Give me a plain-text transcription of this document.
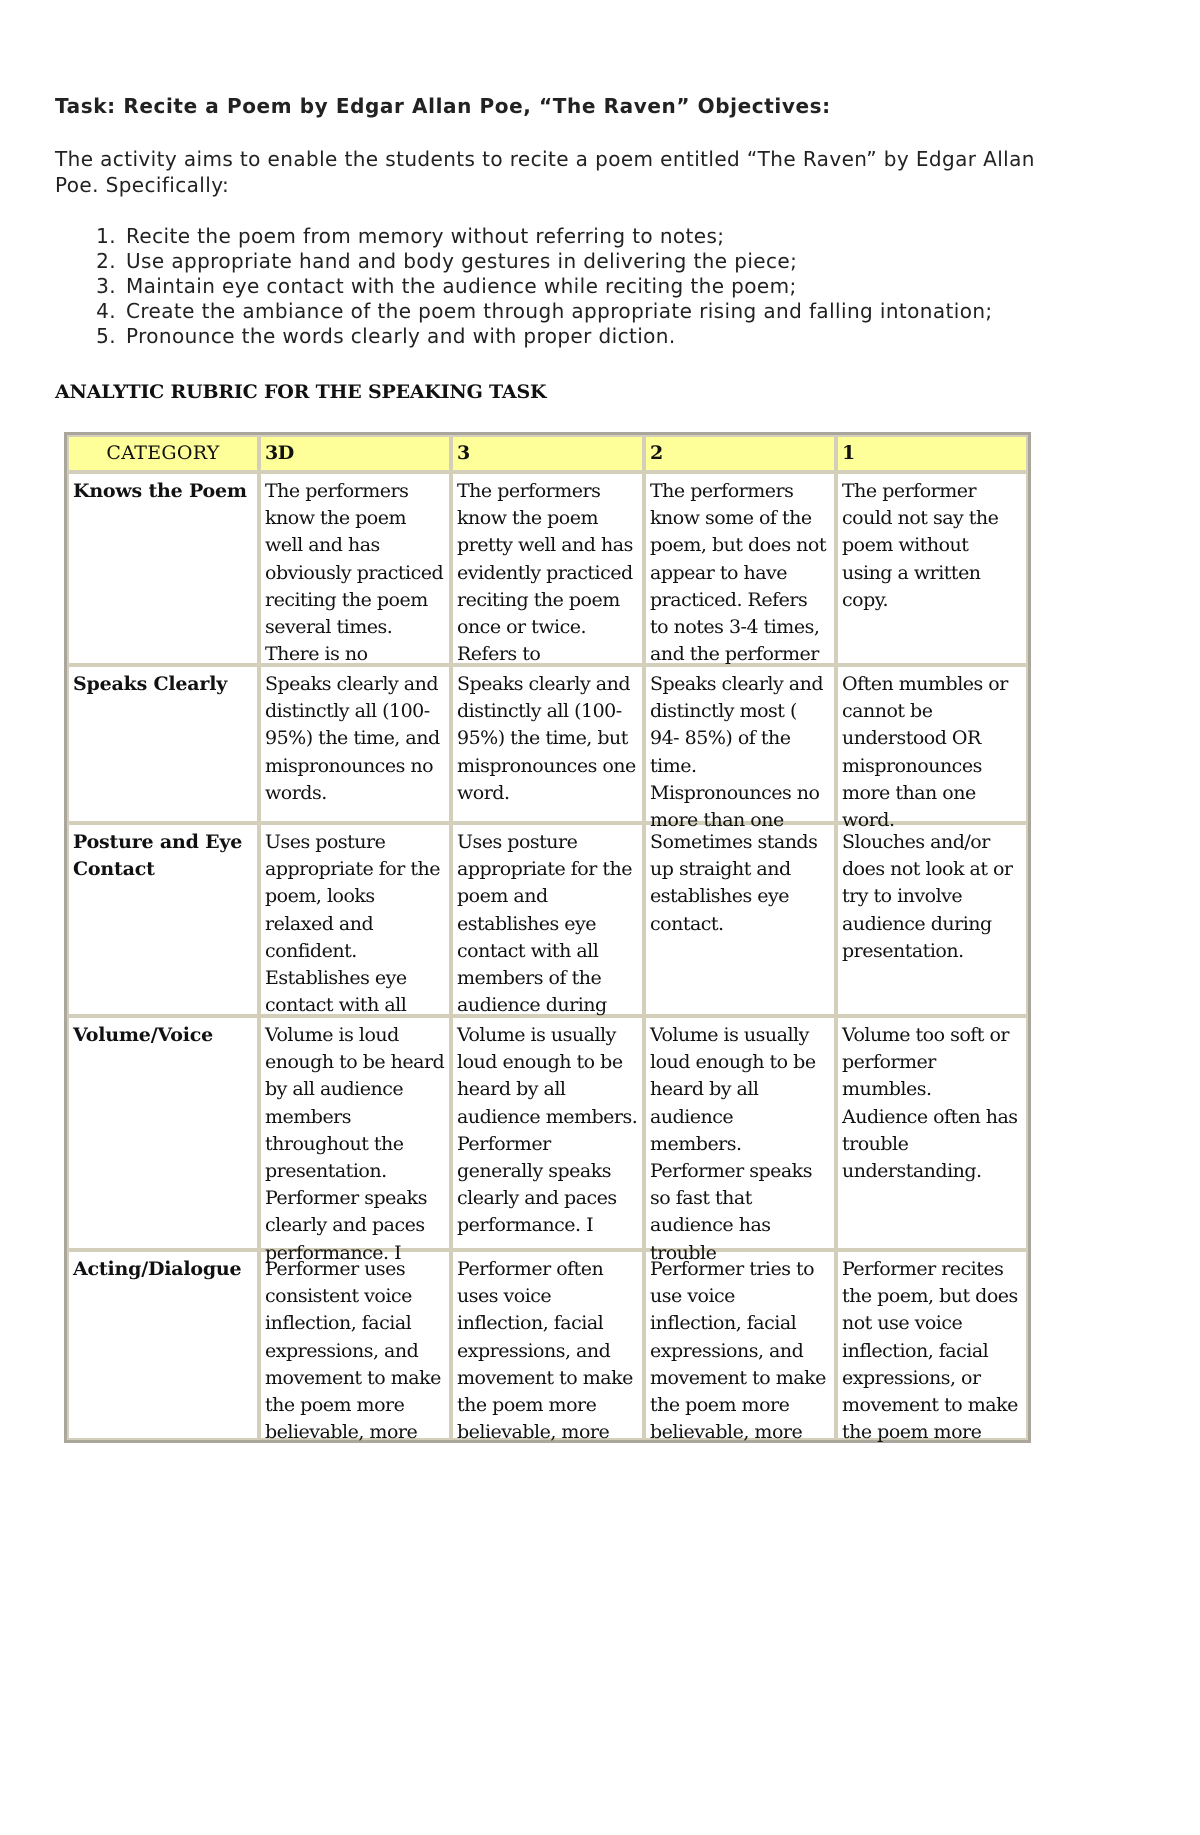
Task: Recite a Poem by Edgar Allan Poe, “The Raven” Objectives:
The activity aims to enable the students to recite a poem entitled “The Raven” by Edgar Allan Poe. Specifically:
1. Recite the poem from memory without referring to notes;
2. Use appropriate hand and body gestures in delivering the piece;
3. Maintain eye contact with the audience while reciting the poem;
4. Create the ambiance of the poem through appropriate rising and falling intonation;
5. Pronounce the words clearly and with proper diction.
ANALYTIC RUBRIC FOR THE SPEAKING TASK
CATEGORY	3D	3	2	1

Knows the Poem	The performers know the poem well and has obviously practiced reciting the poem several times. There is no	The performers know the poem pretty well and has evidently practiced reciting the poem once or twice. Refers to	The performers know some of the poem, but does not appear to have practiced. Refers to notes 3-4 times, and the performer	The performer could not say the poem without using a written copy.

Speaks Clearly	Speaks clearly and distinctly all (100-95%) the time, and mispronounces no words.	Speaks clearly and distinctly all (100-95%) the time, but mispronounces one word.	Speaks clearly and distinctly most ( 94- 85%) of the time. Mispronounces no more than one	Often mumbles or cannot be understood OR mispronounces more than one word.

Posture and Eye Contact	Uses posture appropriate for the poem, looks relaxed and confident. Establishes eye contact with all	Uses posture appropriate for the poem and establishes eye contact with all members of the audience during	Sometimes stands up straight and establishes eye contact.	Slouches and/or does not look at or try to involve audience during presentation.

Volume/Voice	Volume is loud enough to be heard by all audience members throughout the presentation. Performer speaks clearly and paces performance. I	Volume is usually loud enough to be heard by all audience members. Performer generally speaks clearly and paces performance. I	Volume is usually loud enough to be heard by all audience members. Performer speaks so fast that audience has trouble	Volume too soft or performer mumbles. Audience often has trouble understanding.

Acting/Dialogue	Performer uses consistent voice inflection, facial expressions, and movement to make the poem more believable, more	Performer often uses voice inflection, facial expressions, and movement to make the poem more believable, more	Performer tries to use voice inflection, facial expressions, and movement to make the poem more believable, more	Performer recites the poem, but does not use voice inflection, facial expressions, or movement to make the poem more
